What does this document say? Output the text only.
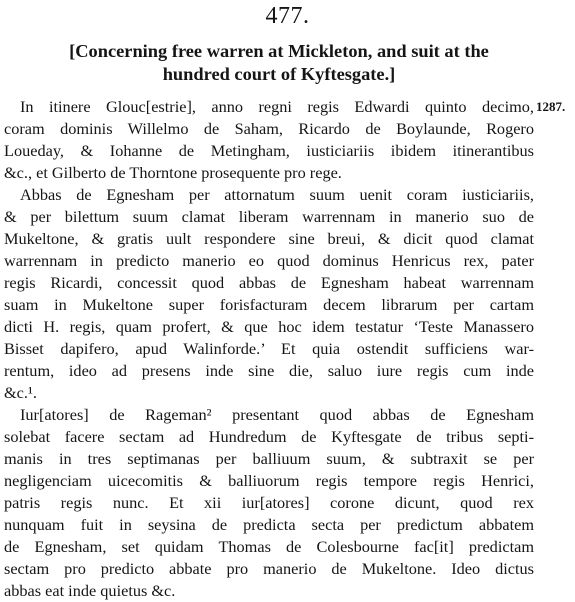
477.
[Concerning free warren at Mickleton, and suit at the
hundred court of Kyftesgate.]
1287.
In itinere Glouc[estrie], anno regni regis Edwardi quinto decimo,
coram dominis Willelmo de Saham, Ricardo de Boylaunde, Rogero
Loueday, & Iohanne de Metingham, iusticiariis ibidem itinerantibus
&c., et Gilberto de Thorntone prosequente pro rege.
Abbas de Egnesham per attornatum suum uenit coram iusticiariis,
& per bilettum suum clamat liberam warrennam in manerio suo de
Mukeltone, & gratis uult respondere sine breui, & dicit quod clamat
warrennam in predicto manerio eo quod dominus Henricus rex, pater
regis Ricardi, concessit quod abbas de Egnesham habeat warrennam
suam in Mukeltone super forisfacturam decem librarum per cartam
dicti H. regis, quam profert, & que hoc idem testatur ‘Teste Manassero
Bisset dapifero, apud Walinforde.’ Et quia ostendit sufficiens war-
rentum, ideo ad presens inde sine die, saluo iure regis cum inde
&c.¹.
Iur[atores] de Rageman² presentant quod abbas de Egnesham
solebat facere sectam ad Hundredum de Kyftesgate de tribus septi-
manis in tres septimanas per balliuum suum, & subtraxit se per
negligenciam uicecomitis & balliuorum regis tempore regis Henrici,
patris regis nunc. Et xii iur[atores] corone dicunt, quod rex
nunquam fuit in seysina de predicta secta per predictum abbatem
de Egnesham, set quidam Thomas de Colesbourne fac[it] predictam
sectam pro predicto abbate pro manerio de Mukeltone. Ideo dictus
abbas eat inde quietus &c.
